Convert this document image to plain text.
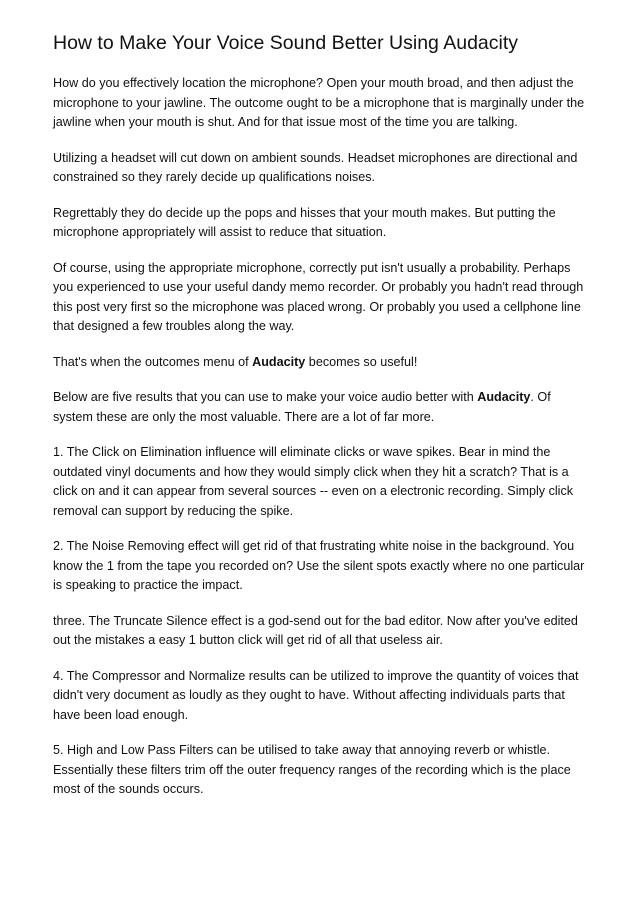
How to Make Your Voice Sound Better Using Audacity

How do you effectively location the microphone? Open your mouth broad, and then adjust the microphone to your jawline. The outcome ought to be a microphone that is marginally under the jawline when your mouth is shut. And for that issue most of the time you are talking.

Utilizing a headset will cut down on ambient sounds. Headset microphones are directional and constrained so they rarely decide up qualifications noises.

Regrettably they do decide up the pops and hisses that your mouth makes. But putting the microphone appropriately will assist to reduce that situation.

Of course, using the appropriate microphone, correctly put isn't usually a probability. Perhaps you experienced to use your useful dandy memo recorder. Or probably you hadn't read through this post very first so the microphone was placed wrong. Or probably you used a cellphone line that designed a few troubles along the way.

That's when the outcomes menu of Audacity becomes so useful!

Below are five results that you can use to make your voice audio better with Audacity. Of system these are only the most valuable. There are a lot of far more.

1. The Click on Elimination influence will eliminate clicks or wave spikes. Bear in mind the outdated vinyl documents and how they would simply click when they hit a scratch? That is a click on and it can appear from several sources -- even on a electronic recording. Simply click removal can support by reducing the spike.

2. The Noise Removing effect will get rid of that frustrating white noise in the background. You know the 1 from the tape you recorded on? Use the silent spots exactly where no one particular is speaking to practice the impact.

three. The Truncate Silence effect is a god-send out for the bad editor. Now after you've edited out the mistakes a easy 1 button click will get rid of all that useless air.

4. The Compressor and Normalize results can be utilized to improve the quantity of voices that didn't very document as loudly as they ought to have. Without affecting individuals parts that have been load enough.

5. High and Low Pass Filters can be utilised to take away that annoying reverb or whistle. Essentially these filters trim off the outer frequency ranges of the recording which is the place most of the sounds occurs.
